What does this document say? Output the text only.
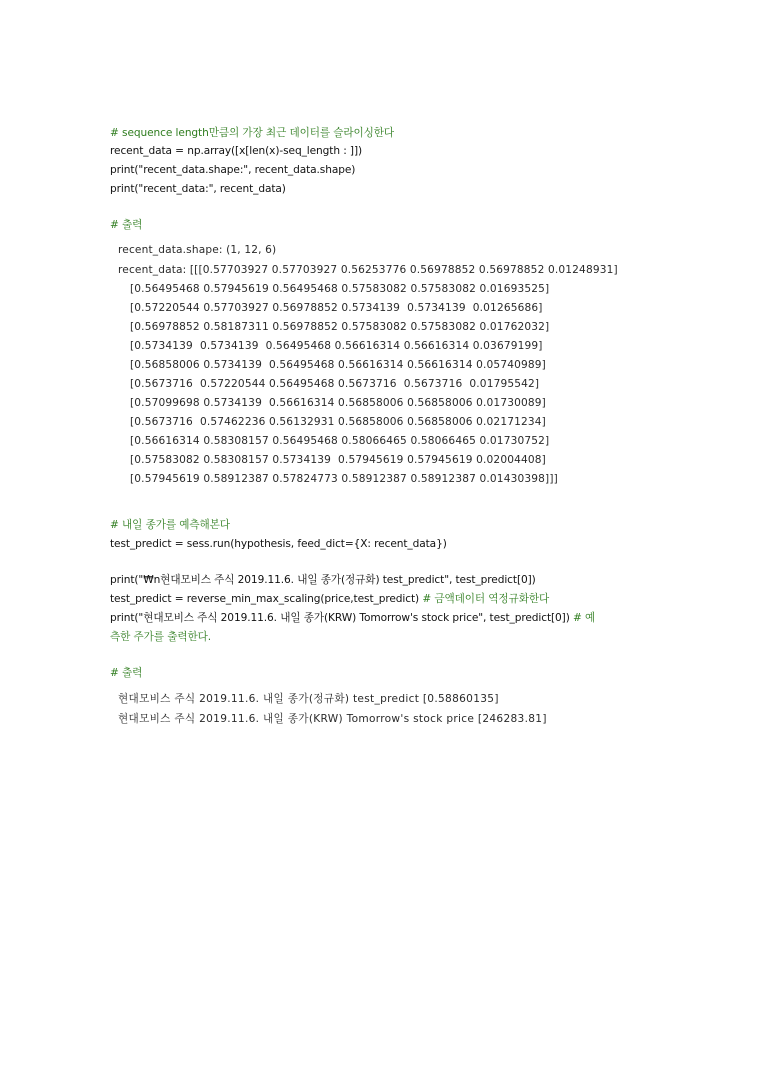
# sequence length만큼의 가장 최근 데이터를 슬라이싱한다
recent_data = np.array([x[len(x)-seq_length : ]])
print("recent_data.shape:", recent_data.shape)
print("recent_data:", recent_data)
# 출력
recent_data.shape: (1, 12, 6)
recent_data: [[[0.57703927 0.57703927 0.56253776 0.56978852 0.56978852 0.01248931]
[0.56495468 0.57945619 0.56495468 0.57583082 0.57583082 0.01693525]
[0.57220544 0.57703927 0.56978852 0.5734139  0.5734139  0.01265686]
[0.56978852 0.58187311 0.56978852 0.57583082 0.57583082 0.01762032]
[0.5734139  0.5734139  0.56495468 0.56616314 0.56616314 0.03679199]
[0.56858006 0.5734139  0.56495468 0.56616314 0.56616314 0.05740989]
[0.5673716  0.57220544 0.56495468 0.5673716  0.5673716  0.01795542]
[0.57099698 0.5734139  0.56616314 0.56858006 0.56858006 0.01730089]
[0.5673716  0.57462236 0.56132931 0.56858006 0.56858006 0.02171234]
[0.56616314 0.58308157 0.56495468 0.58066465 0.58066465 0.01730752]
[0.57583082 0.58308157 0.5734139  0.57945619 0.57945619 0.02004408]
[0.57945619 0.58912387 0.57824773 0.58912387 0.58912387 0.01430398]]]
# 내일 종가를 예측해본다
test_predict = sess.run(hypothesis, feed_dict={X: recent_data})
print("₩n현대모비스 주식 2019.11.6. 내일 종가(정규화) test_predict", test_predict[0])
test_predict = reverse_min_max_scaling(price,test_predict) # 금액데이터 역정규화한다
print("현대모비스 주식 2019.11.6. 내일 종가(KRW) Tomorrow's stock price", test_predict[0]) # 예
측한 주가를 출력한다.
# 출력
현대모비스 주식 2019.11.6. 내일 종가(정규화) test_predict [0.58860135]
현대모비스 주식 2019.11.6. 내일 종가(KRW) Tomorrow's stock price [246283.81]
